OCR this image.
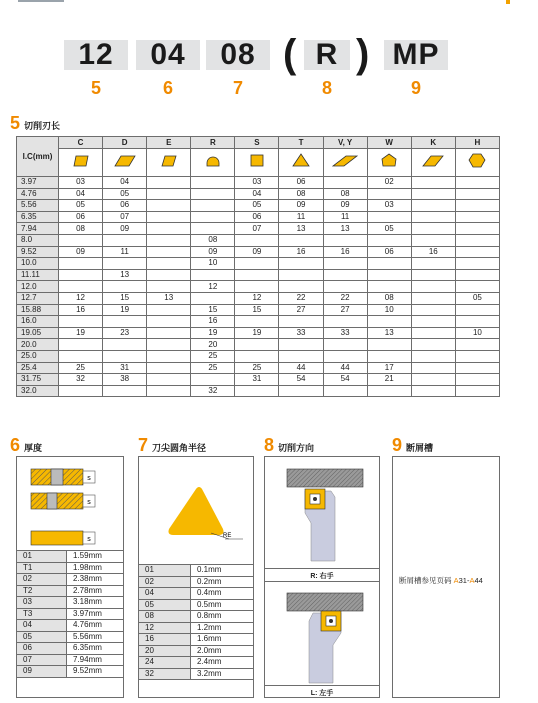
12	04	08 ( R ) MP
5	6	7	8	9
5 切削刃长
I.C(mm)	C	D	E	R	S	T	V, Y	W	K	H

3.97	03	04			03	06		02		
4.76	04	05			04	08	08			
5.56	05	06			05	09	09	03		
6.35	06	07			06	11	11			
7.94	08	09			07	13	13	05		
8.0				08						
9.52	09	11		09	09	16	16	06	16	
10.0				10						
11.11		13								
12.0				12						
12.7	12	15	13		12	22	22	08		05
15.88	16	19		15	15	27	27	10		
16.0				16						
19.05	19	23		19	19	33	33	13		10
20.0				20						
25.0				25						
25.4	25	31		25	25	44	44	17		
31.75	32	38			31	54	54	21		
32.0				32						
6 厚度
s
s
s
01	1.59mm
T1	1.98mm
02	2.38mm
T2	2.78mm
03	3.18mm
T3	3.97mm
04	4.76mm
05	5.56mm
06	6.35mm
07	7.94mm
09	9.52mm
7 刀尖圆角半径
RE
01	0.1mm
02	0.2mm
04	0.4mm
05	0.5mm
08	0.8mm
12	1.2mm
16	1.6mm
20	2.0mm
24	2.4mm
32	3.2mm
8 切削方向
R: 右手
L: 左手
9 断屑槽
断屑槽参见页码 A31-A44
